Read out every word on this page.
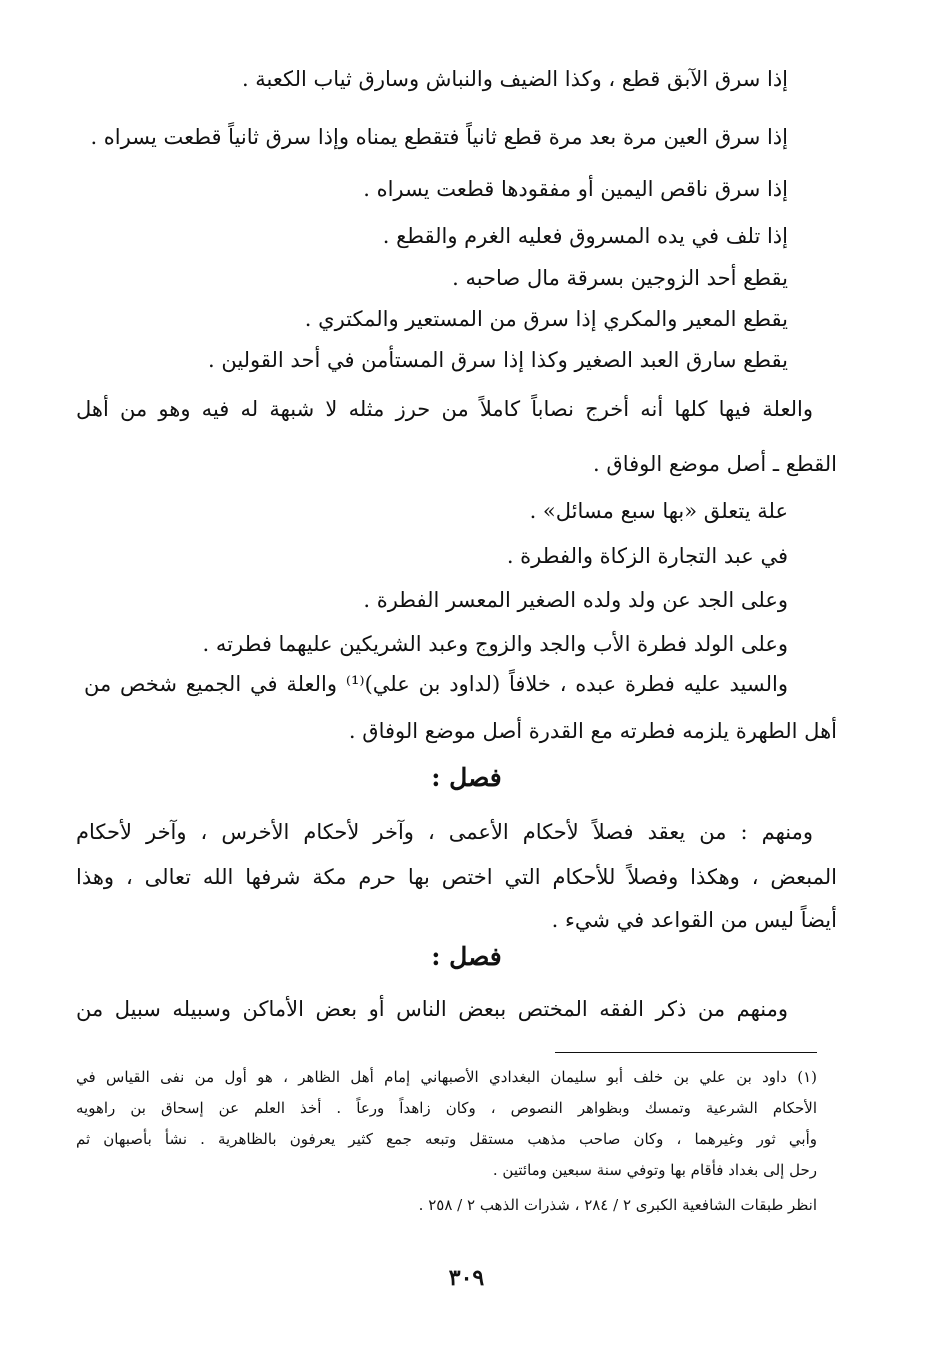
إذا سرق الآبق قطع ، وكذا الضيف والنباش وسارق ثياب الكعبة .

إذا سرق العين مرة بعد مرة قطع ثانياً فتقطع يمناه وإذا سرق ثانياً قطعت يسراه .

إذا سرق ناقص اليمين أو مفقودها قطعت يسراه .

إذا تلف في يده المسروق فعليه الغرم والقطع .

يقطع أحد الزوجين بسرقة مال صاحبه .

يقطع المعير والمكري إذا سرق من المستعير والمكتري .

يقطع سارق العبد الصغير وكذا إذا سرق المستأمن في أحد القولين .

والعلة فيها كلها أنه أخرج نصاباً كاملاً من حرز مثله لا شبهة له فيه وهو من أهل

القطع ـ أصل موضع الوفاق .

علة يتعلق «بها سبع مسائل» .

في عبد التجارة الزكاة والفطرة .

وعلى الجد عن ولد ولده الصغير المعسر الفطرة .

وعلى الولد فطرة الأب والجد والزوج وعبد الشريكين عليهما فطرته .

والسيد عليه فطرة عبده ، خلافاً (لداود بن علي)⁽¹⁾ والعلة في الجميع شخص من

أهل الطهرة يلزمه فطرته مع القدرة أصل موضع الوفاق .

فصل :

ومنهم : من يعقد فصلاً لأحكام الأعمى ، وآخر لأحكام الأخرس ، وآخر لأحكام

المبعض ، وهكذا وفصلاً للأحكام التي اختص بها حرم مكة شرفها الله تعالى ، وهذا

أيضاً ليس من القواعد في شيء .

فصل :

ومنهم من ذكر الفقه المختص ببعض الناس أو بعض الأماكن وسبيله سبيل من

(١) داود بن علي بن خلف أبو سليمان البغدادي الأصبهاني إمام أهل الظاهر ، هو أول من نفى القياس في
الأحكام الشرعية وتمسك وبظواهر النصوص ، وكان زاهداً ورعاً . أخذ العلم عن إسحاق بن راهويه
وأبي ثور وغيرهما ، وكان صاحب مذهب مستقل وتبعه جمع كثير يعرفون بالظاهرية . نشأ بأصبهان ثم
رحل إلى بغداد فأقام بها وتوفي سنة سبعين ومائتين .
انظر طبقات الشافعية الكبرى ٢ / ٢٨٤ ، شذرات الذهب ٢ / ٢٥٨ .
٣٠٩
